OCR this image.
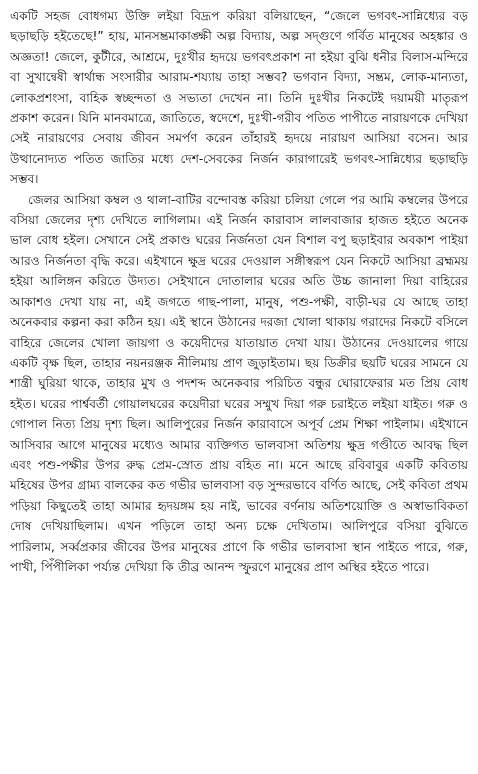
একটি সহজ বোধগম্য উক্তি লইয়া বিদ্রূপ করিয়া বলিয়াছেন, “জেলে ভগবৎ-সান্নিধ্যের বড় ছড়াছড়ি হইতেছে!” হায়, মানসম্ভ্রমাকাঙ্ক্ষী অল্প বিদ্যায়, অল্প সদ্গুণে গর্বিত মানুষের অহঙ্কার ও অজ্ঞতা! জেলে, কুটীরে, আশ্রমে, দুঃখীর হৃদয়ে ভগবৎপ্রকাশ না হইয়া বুঝি ধনীর বিলাস-মন্দিরে বা সুখান্বেষী স্বার্থান্ধ সংসারীর আরাম-শয্যায় তাহা সম্ভব? ভগবান বিদ্যা, সম্ভ্রম, লোক-মান্যতা, লোকপ্রশংসা, বাহিক স্বচ্ছন্দতা ও সভ্যতা দেখেন না। তিনি দুঃখীর নিকটেই দয়াময়ী মাতৃরূপ প্রকাশ করেন। যিনি মানবমাত্রে, জাতিতে, স্বদেশে, দুঃখী-গরীব পতিত পাপীতে নারায়ণকে দেখিয়া সেই নারায়ণের সেবায় জীবন সমর্পণ করেন তাঁহারই হৃদয়ে নারায়ণ আসিয়া বসেন। আর উত্থানোদ্যত পতিত জাতির মধ্যে দেশ-সেবকের নির্জন কারাগারেই ভগবৎ-সান্নিধ্যের ছড়াছড়ি সম্ভব।

জেলর আসিয়া কম্বল ও থালা-বাটির বন্দোবস্ত করিয়া চলিয়া গেলে পর আমি কম্বলের উপরে বসিয়া জেলের দৃশ্য দেখিতে লাগিলাম। এই নির্জন কারাবাস লালবাজার হাজত হইতে অনেক ভাল বোধ হইল। সেখানে সেই প্রকাণ্ড ঘরের নির্জনতা যেন বিশাল বপু ছড়াইবার অবকাশ পাইয়া আরও নির্জনতা বৃদ্ধি করে। এইখানে ক্ষুদ্র ঘরের দেওয়াল সঙ্গীস্বরূপ যেন নিকটে আসিয়া ব্রহ্মময় হইয়া আলিঙ্গন করিতে উদ্যত। সেইখানে দোতালার ঘরের অতি উচ্চ জানালা দিয়া বাহিরের আকাশও দেখা যায় না, এই জগতে গাছ-পালা, মানুষ, পশু-পক্ষী, বাড়ী-ঘর যে আছে তাহা অনেকবার কল্পনা করা কঠিন হয়। এই স্থানে উঠানের দরজা খোলা থাকায় গরাদের নিকটে বসিলে বাহিরে জেলের খোলা জায়গা ও কয়েদীদের যাতায়াত দেখা যায়। উঠানের দেওয়ালের গায়ে একটি বৃক্ষ ছিল, তাহার নয়নরঞ্জক নীলিমায় প্রাণ জুড়াইতাম। ছয় ডিক্রীর ছয়টি ঘরের সামনে যে শান্ত্রী ঘুরিয়া থাকে, তাহার মুখ ও পদশব্দ অনেকবার পরিচিত বন্ধুর ঘোরাফেরার মত প্রিয় বোধ হইত। ঘরের পার্শ্ববর্তী গোয়ালঘরের কয়েদীরা ঘরের সম্মুখ দিয়া গরু চরাইতে লইয়া যাইত। গরু ও গোপাল নিত্য প্রিয় দৃশ্য ছিল। আলিপুরের নির্জন কারাবাসে অপূর্ব প্রেম শিক্ষা পাইলাম। এইখানে আসিবার আগে মানুষের মধ্যেও আমার ব্যক্তিগত ভালবাসা অতিশয় ক্ষুদ্র গণ্ডীতে আবদ্ধ ছিল এবং পশু-পক্ষীর উপর রুদ্ধ প্রেম-স্রোত প্রায় বহিত না। মনে আছে রবিবাবুর একটি কবিতায় মহিষের উপর গ্রাম্য বালকের কত গভীর ভালবাসা বড় সুন্দরভাবে বর্ণিত আছে, সেই কবিতা প্রথম পড়িয়া কিছুতেই তাহা আমার হৃদয়ঙ্গম হয় নাই, ভাবের বর্ণনায় অতিশয়োক্তি ও অস্বাভাবিকতা দোষ দেখিয়াছিলাম। এখন পড়িলে তাহা অন্য চক্ষে দেখিতাম। আলিপুরে বসিয়া বুঝিতে পারিলাম, সর্ব্বপ্রকার জীবের উপর মানুষের প্রাণে কি গভীর ভালবাসা স্থান পাইতে পারে, গরু, পাখী, পিঁপীলিকা পর্য্যন্ত দেখিয়া কি তীব্র আনন্দ স্ফুরণে মানুষের প্রাণ অস্থির হইতে পারে।
